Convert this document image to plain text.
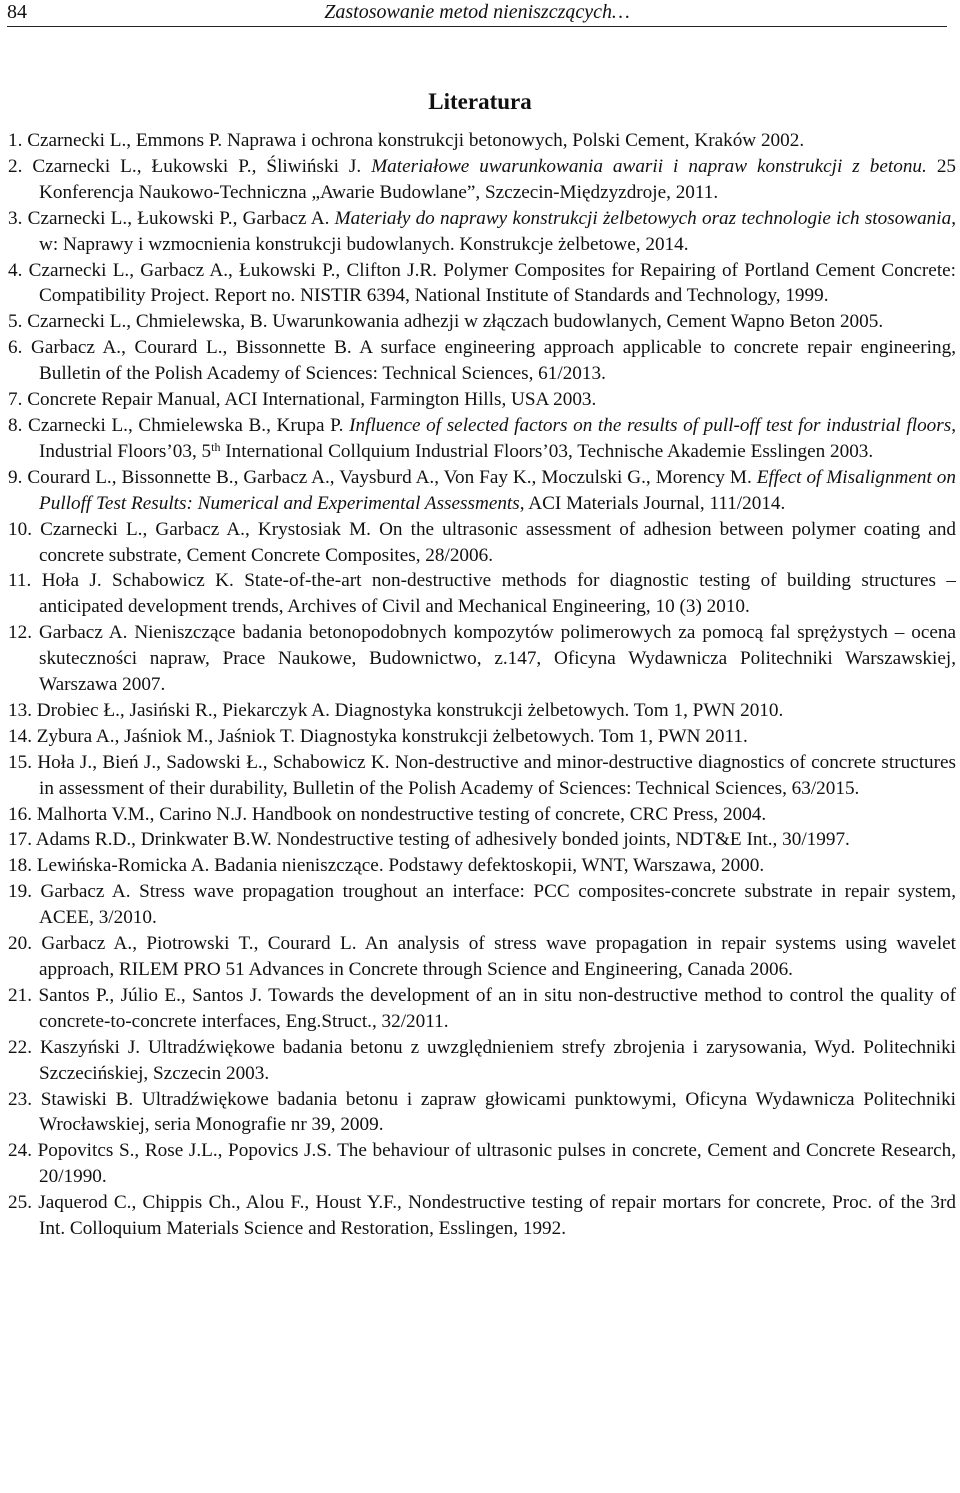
84	Zastosowanie metod nieniszczących…
Literatura
1. Czarnecki L., Emmons P. Naprawa i ochrona konstrukcji betonowych, Polski Cement, Kraków 2002.
2. Czarnecki L., Łukowski P., Śliwiński J. Materiałowe uwarunkowania awarii i napraw konstrukcji z betonu. 25 Konferencja Naukowo-Techniczna „Awarie Budowlane”, Szczecin-Międzyzdroje, 2011.
3. Czarnecki L., Łukowski P., Garbacz A. Materiały do naprawy konstrukcji żelbetowych oraz technologie ich stosowania, w: Naprawy i wzmocnienia konstrukcji budowlanych. Konstrukcje żelbetowe, 2014.
4. Czarnecki L., Garbacz A., Łukowski P., Clifton J.R. Polymer Composites for Repairing of Portland Cement Concrete: Compatibility Project. Report no. NISTIR 6394, National Institute of Standards and Technology, 1999.
5. Czarnecki L., Chmielewska, B. Uwarunkowania adhezji w złączach budowlanych, Cement Wapno Beton 2005.
6. Garbacz A., Courard L., Bissonnette B. A surface engineering approach applicable to concrete repair engineering, Bulletin of the Polish Academy of Sciences: Technical Sciences, 61/2013.
7. Concrete Repair Manual, ACI International, Farmington Hills, USA 2003.
8. Czarnecki L., Chmielewska B., Krupa P. Influence of selected factors on the results of pull-off test for industrial floors, Industrial Floors’03, 5th International Collquium Industrial Floors’03, Technische Akademie Esslingen 2003.
9. Courard L., Bissonnette B., Garbacz A., Vaysburd A., Von Fay K., Moczulski G., Morency M. Effect of Misalignment on Pulloff Test Results: Numerical and Experimental Assessments, ACI Materials Journal, 111/2014.
10. Czarnecki L., Garbacz A., Krystosiak M. On the ultrasonic assessment of adhesion between polymer coating and concrete substrate, Cement Concrete Composites, 28/2006.
11. Hoła J. Schabowicz K. State-of-the-art non-destructive methods for diagnostic testing of building structures – anticipated development trends, Archives of Civil and Mechanical Engineering, 10 (3) 2010.
12. Garbacz A. Nieniszczące badania betonopodobnych kompozytów polimerowych za pomocą fal sprężystych – ocena skuteczności napraw, Prace Naukowe, Budownictwo, z.147, Oficyna Wydawnicza Politechniki Warszawskiej, Warszawa 2007.
13. Drobiec Ł., Jasiński R., Piekarczyk A. Diagnostyka konstrukcji żelbetowych. Tom 1, PWN 2010.
14. Zybura A., Jaśniok M., Jaśniok T. Diagnostyka konstrukcji żelbetowych. Tom 1, PWN 2011.
15. Hoła J., Bień J., Sadowski Ł., Schabowicz K. Non-destructive and minor-destructive diagnostics of concrete structures in assessment of their durability, Bulletin of the Polish Academy of Sciences: Technical Sciences, 63/2015.
16. Malhorta V.M., Carino N.J. Handbook on nondestructive testing of concrete, CRC Press, 2004.
17. Adams R.D., Drinkwater B.W. Nondestructive testing of adhesively bonded joints, NDT&E Int., 30/1997.
18. Lewińska-Romicka A. Badania nieniszczące. Podstawy defektoskopii, WNT, Warszawa, 2000.
19. Garbacz A. Stress wave propagation troughout an interface: PCC composites-concrete substrate in repair system, ACEE, 3/2010.
20. Garbacz A., Piotrowski T., Courard L. An analysis of stress wave propagation in repair systems using wavelet approach, RILEM PRO 51 Advances in Concrete through Science and Engineering, Canada 2006.
21. Santos P., Júlio E., Santos J. Towards the development of an in situ non-destructive method to control the quality of concrete-to-concrete interfaces, Eng.Struct., 32/2011.
22. Kaszyński J. Ultradźwiękowe badania betonu z uwzględnieniem strefy zbrojenia i zarysowania, Wyd. Politechniki Szczecińskiej, Szczecin 2003.
23. Stawiski B. Ultradźwiękowe badania betonu i zapraw głowicami punktowymi, Oficyna Wydawnicza Politechniki Wrocławskiej, seria Monografie nr 39, 2009.
24. Popovitcs S., Rose J.L., Popovics J.S. The behaviour of ultrasonic pulses in concrete, Cement and Concrete Research, 20/1990.
25. Jaquerod C., Chippis Ch., Alou F., Houst Y.F., Nondestructive testing of repair mortars for concrete, Proc. of the 3rd Int. Colloquium Materials Science and Restoration, Esslingen, 1992.
